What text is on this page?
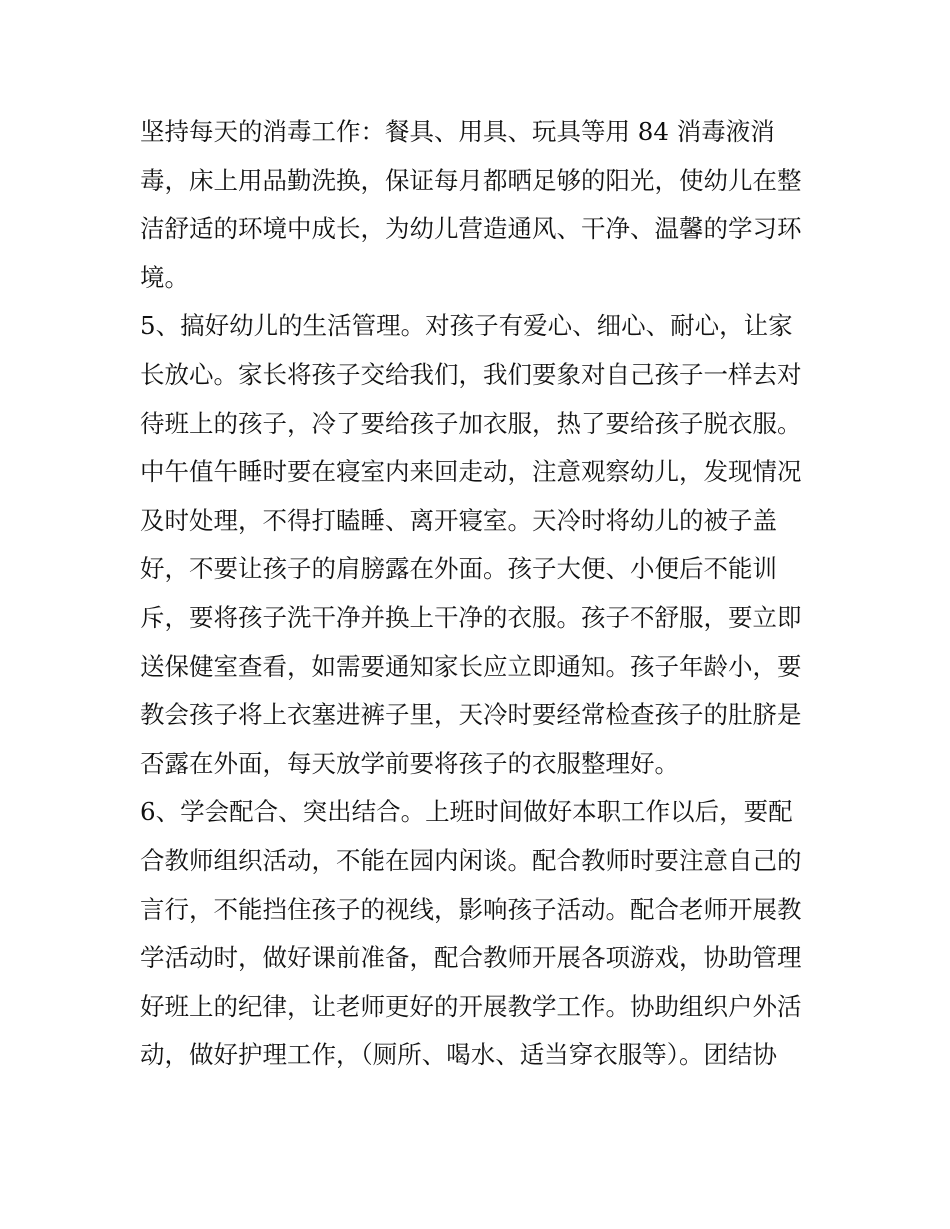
坚持每天的消毒工作：餐具、用具、玩具等用 84 消毒液消
毒，床上用品勤洗换，保证每月都晒足够的阳光，使幼儿在整
洁舒适的环境中成长，为幼儿营造通风、干净、温馨的学习环
境。
5、搞好幼儿的生活管理。对孩子有爱心、细心、耐心，让家
长放心。家长将孩子交给我们，我们要象对自己孩子一样去对
待班上的孩子，冷了要给孩子加衣服，热了要给孩子脱衣服。
中午值午睡时要在寝室内来回走动，注意观察幼儿，发现情况
及时处理，不得打瞌睡、离开寝室。天冷时将幼儿的被子盖
好，不要让孩子的肩膀露在外面。孩子大便、小便后不能训
斥，要将孩子洗干净并换上干净的衣服。孩子不舒服，要立即
送保健室查看，如需要通知家长应立即通知。孩子年龄小，要
教会孩子将上衣塞进裤子里，天冷时要经常检查孩子的肚脐是
否露在外面，每天放学前要将孩子的衣服整理好。
6、学会配合、突出结合。上班时间做好本职工作以后，要配
合教师组织活动，不能在园内闲谈。配合教师时要注意自己的
言行，不能挡住孩子的视线，影响孩子活动。配合老师开展教
学活动时，做好课前准备，配合教师开展各项游戏，协助管理
好班上的纪律，让老师更好的开展教学工作。协助组织户外活
动，做好护理工作，（厕所、喝水、适当穿衣服等）。团结协
